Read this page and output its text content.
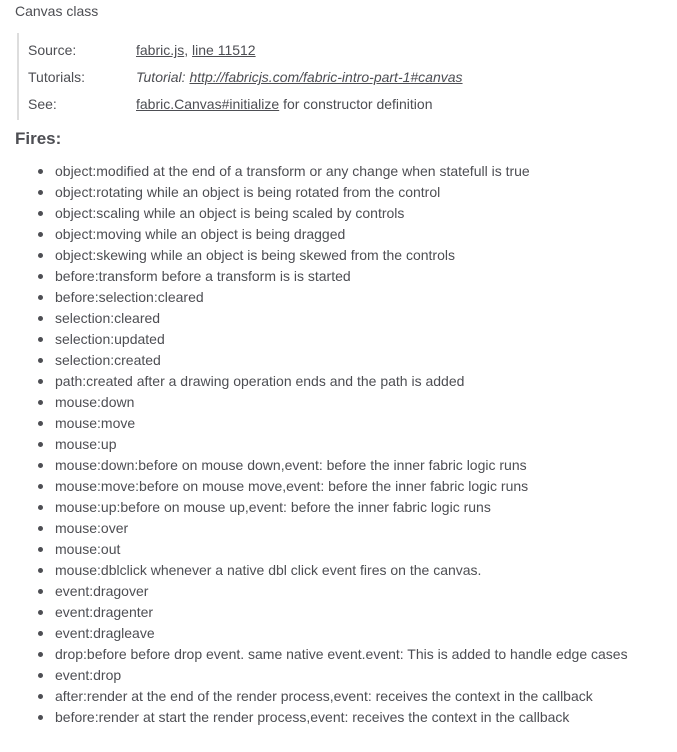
Canvas class

Source:	fabric.js, line 11512
Tutorials:	Tutorial: http://fabricjs.com/fabric-intro-part-1#canvas
See:	fabric.Canvas#initialize for constructor definition
Fires:
object:modified at the end of a transform or any change when statefull is true
object:rotating while an object is being rotated from the control
object:scaling while an object is being scaled by controls
object:moving while an object is being dragged
object:skewing while an object is being skewed from the controls
before:transform before a transform is is started
before:selection:cleared
selection:cleared
selection:updated
selection:created
path:created after a drawing operation ends and the path is added
mouse:down
mouse:move
mouse:up
mouse:down:before on mouse down,event: before the inner fabric logic runs
mouse:move:before on mouse move,event: before the inner fabric logic runs
mouse:up:before on mouse up,event: before the inner fabric logic runs
mouse:over
mouse:out
mouse:dblclick whenever a native dbl click event fires on the canvas.
event:dragover
event:dragenter
event:dragleave
drop:before before drop event. same native event.event: This is added to handle edge cases
event:drop
after:render at the end of the render process,event: receives the context in the callback
before:render at start the render process,event: receives the context in the callback
